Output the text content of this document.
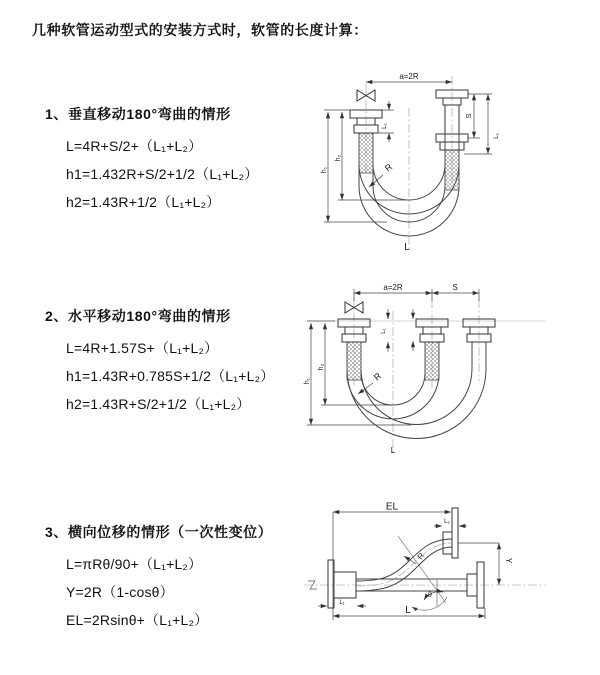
几种软管运动型式的安装方式时，软管的长度计算：

1、垂直移动180°弯曲的情形

L=4R+S/2+（L₁+L₂）

h1=1.432R+S/2+1/2（L₁+L₂）

h2=1.43R+1/2（L₁+L₂）

2、水平移动180°弯曲的情形

L=4R+1.57S+（L₁+L₂）

h1=1.43R+0.785S+1/2（L₁+L₂）

h2=1.43R+S/2+1/2（L₁+L₂）

3、横向位移的情形（一次性变位）

L=πRθ/90+（L₁+L₂）

Y=2R（1-cosθ）

EL=2Rsinθ+（L₁+L₂）

a=2R
L₁
h₂
h₁
S
L₁
R
L
a=2R	S
h₂
h₁
L₁
R
L
EL
L₂
Y
L
L₁
R
θ
